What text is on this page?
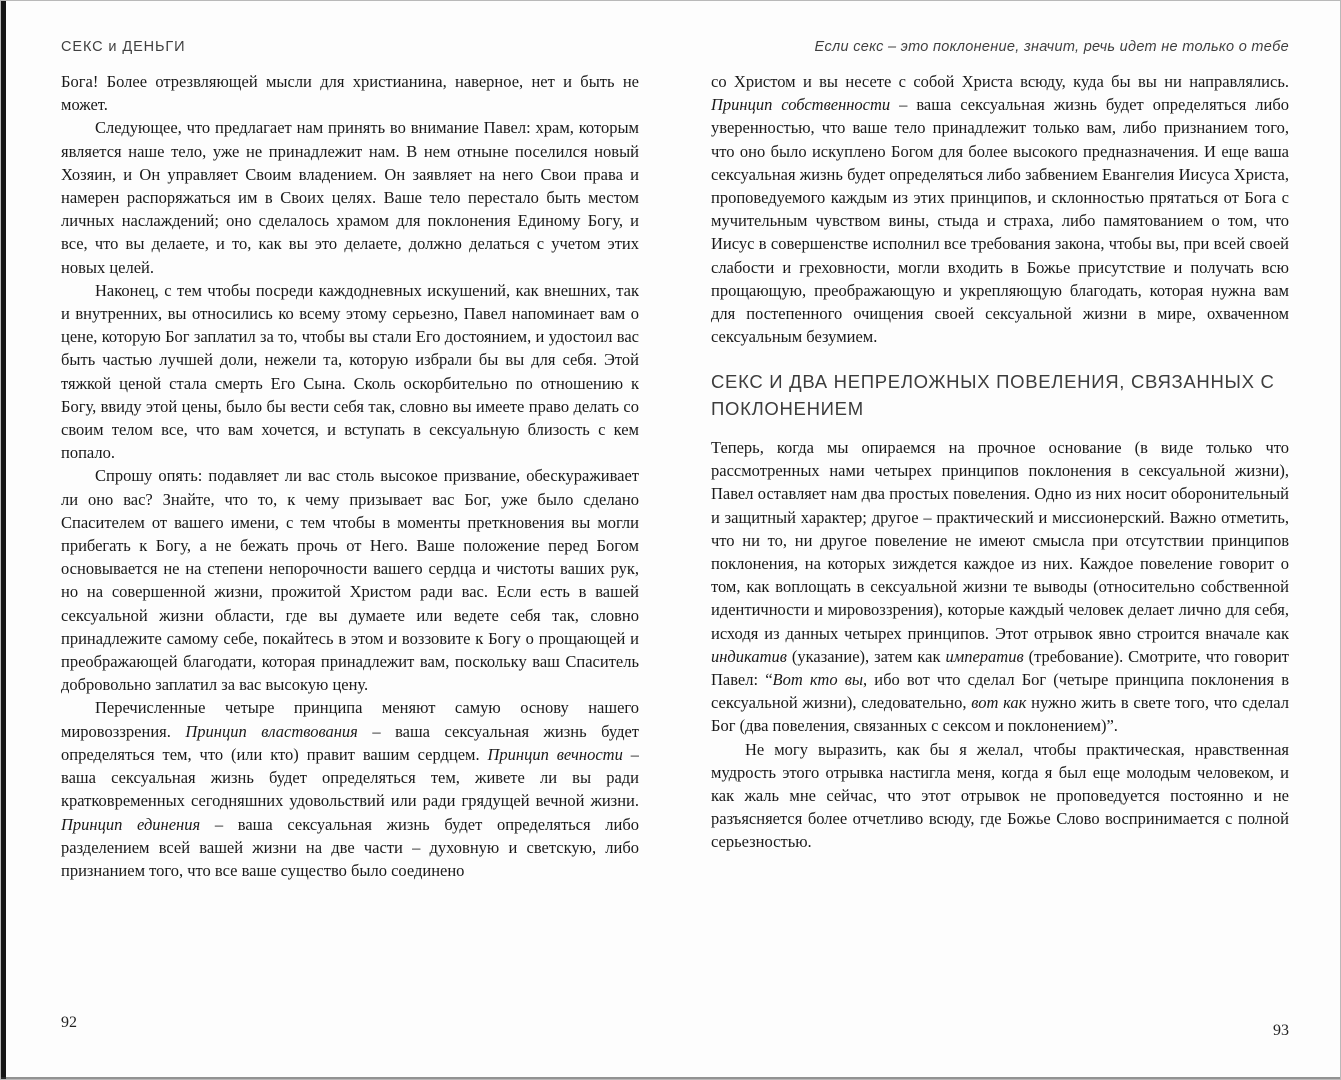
СЕКС и ДЕНЬГИ

Бога! Более отрезвляющей мысли для христианина, наверное, нет и быть не может.

Следующее, что предлагает нам принять во внимание Павел: храм, которым является наше тело, уже не принадлежит нам. В нем отныне поселился новый Хозяин, и Он управляет Своим владением. Он заявляет на него Свои права и намерен распоряжаться им в Своих целях. Ваше тело перестало быть местом личных наслаждений; оно сделалось храмом для поклонения Единому Богу, и все, что вы делаете, и то, как вы это делаете, должно делаться с учетом этих новых целей.

Наконец, с тем чтобы посреди каждодневных искушений, как внешних, так и внутренних, вы относились ко всему этому серьезно, Павел напоминает вам о цене, которую Бог заплатил за то, чтобы вы стали Его достоянием, и удостоил вас быть частью лучшей доли, нежели та, которую избрали бы вы для себя. Этой тяжкой ценой стала смерть Его Сына. Сколь оскорбительно по отношению к Богу, ввиду этой цены, было бы вести себя так, словно вы имеете право делать со своим телом все, что вам хочется, и вступать в сексуальную близость с кем попало.

Спрошу опять: подавляет ли вас столь высокое призвание, обескураживает ли оно вас? Знайте, что то, к чему призывает вас Бог, уже было сделано Спасителем от вашего имени, с тем чтобы в моменты преткновения вы могли прибегать к Богу, а не бежать прочь от Него. Ваше положение перед Богом основывается не на степени непорочности вашего сердца и чистоты ваших рук, но на совершенной жизни, прожитой Христом ради вас. Если есть в вашей сексуальной жизни области, где вы думаете или ведете себя так, словно принадлежите самому себе, покайтесь в этом и воззовите к Богу о прощающей и преображающей благодати, которая принадлежит вам, поскольку ваш Спаситель добровольно заплатил за вас высокую цену.

Перечисленные четыре принципа меняют самую основу нашего мировоззрения. Принцип властвования – ваша сексуальная жизнь будет определяться тем, что (или кто) правит вашим сердцем. Принцип вечности – ваша сексуальная жизнь будет определяться тем, живете ли вы ради кратковременных сегодняшних удовольствий или ради грядущей вечной жизни. Принцип единения – ваша сексуальная жизнь будет определяться либо разделением всей вашей жизни на две части – духовную и светскую, либо признанием того, что все ваше существо было соединено

Если секс – это поклонение, значит, речь идет не только о тебе

со Христом и вы несете с собой Христа всюду, куда бы вы ни направлялись. Принцип собственности – ваша сексуальная жизнь будет определяться либо уверенностью, что ваше тело принадлежит только вам, либо признанием того, что оно было искуплено Богом для более высокого предназначения. И еще ваша сексуальная жизнь будет определяться либо забвением Евангелия Иисуса Христа, проповедуемого каждым из этих принципов, и склонностью прятаться от Бога с мучительным чувством вины, стыда и страха, либо памятованием о том, что Иисус в совершенстве исполнил все требования закона, чтобы вы, при всей своей слабости и греховности, могли входить в Божье присутствие и получать всю прощающую, преображающую и укрепляющую благодать, которая нужна вам для постепенного очищения своей сексуальной жизни в мире, охваченном сексуальным безумием.

СЕКС И ДВА НЕПРЕЛОЖНЫХ ПОВЕЛЕНИЯ, СВЯЗАННЫХ С ПОКЛОНЕНИЕМ

Теперь, когда мы опираемся на прочное основание (в виде только что рассмотренных нами четырех принципов поклонения в сексуальной жизни), Павел оставляет нам два простых повеления. Одно из них носит оборонительный и защитный характер; другое – практический и миссионерский. Важно отметить, что ни то, ни другое повеление не имеют смысла при отсутствии принципов поклонения, на которых зиждется каждое из них. Каждое повеление говорит о том, как воплощать в сексуальной жизни те выводы (относительно собственной идентичности и мировоззрения), которые каждый человек делает лично для себя, исходя из данных четырех принципов. Этот отрывок явно строится вначале как индикатив (указание), затем как императив (требование). Смотрите, что говорит Павел: “Вот кто вы, ибо вот что сделал Бог (четыре принципа поклонения в сексуальной жизни), следовательно, вот как нужно жить в свете того, что сделал Бог (два повеления, связанных с сексом и поклонением)”.

Не могу выразить, как бы я желал, чтобы практическая, нравственная мудрость этого отрывка настигла меня, когда я был еще молодым человеком, и как жаль мне сейчас, что этот отрывок не проповедуется постоянно и не разъясняется более отчетливо всюду, где Божье Слово воспринимается с полной серьезностью.

92	93
